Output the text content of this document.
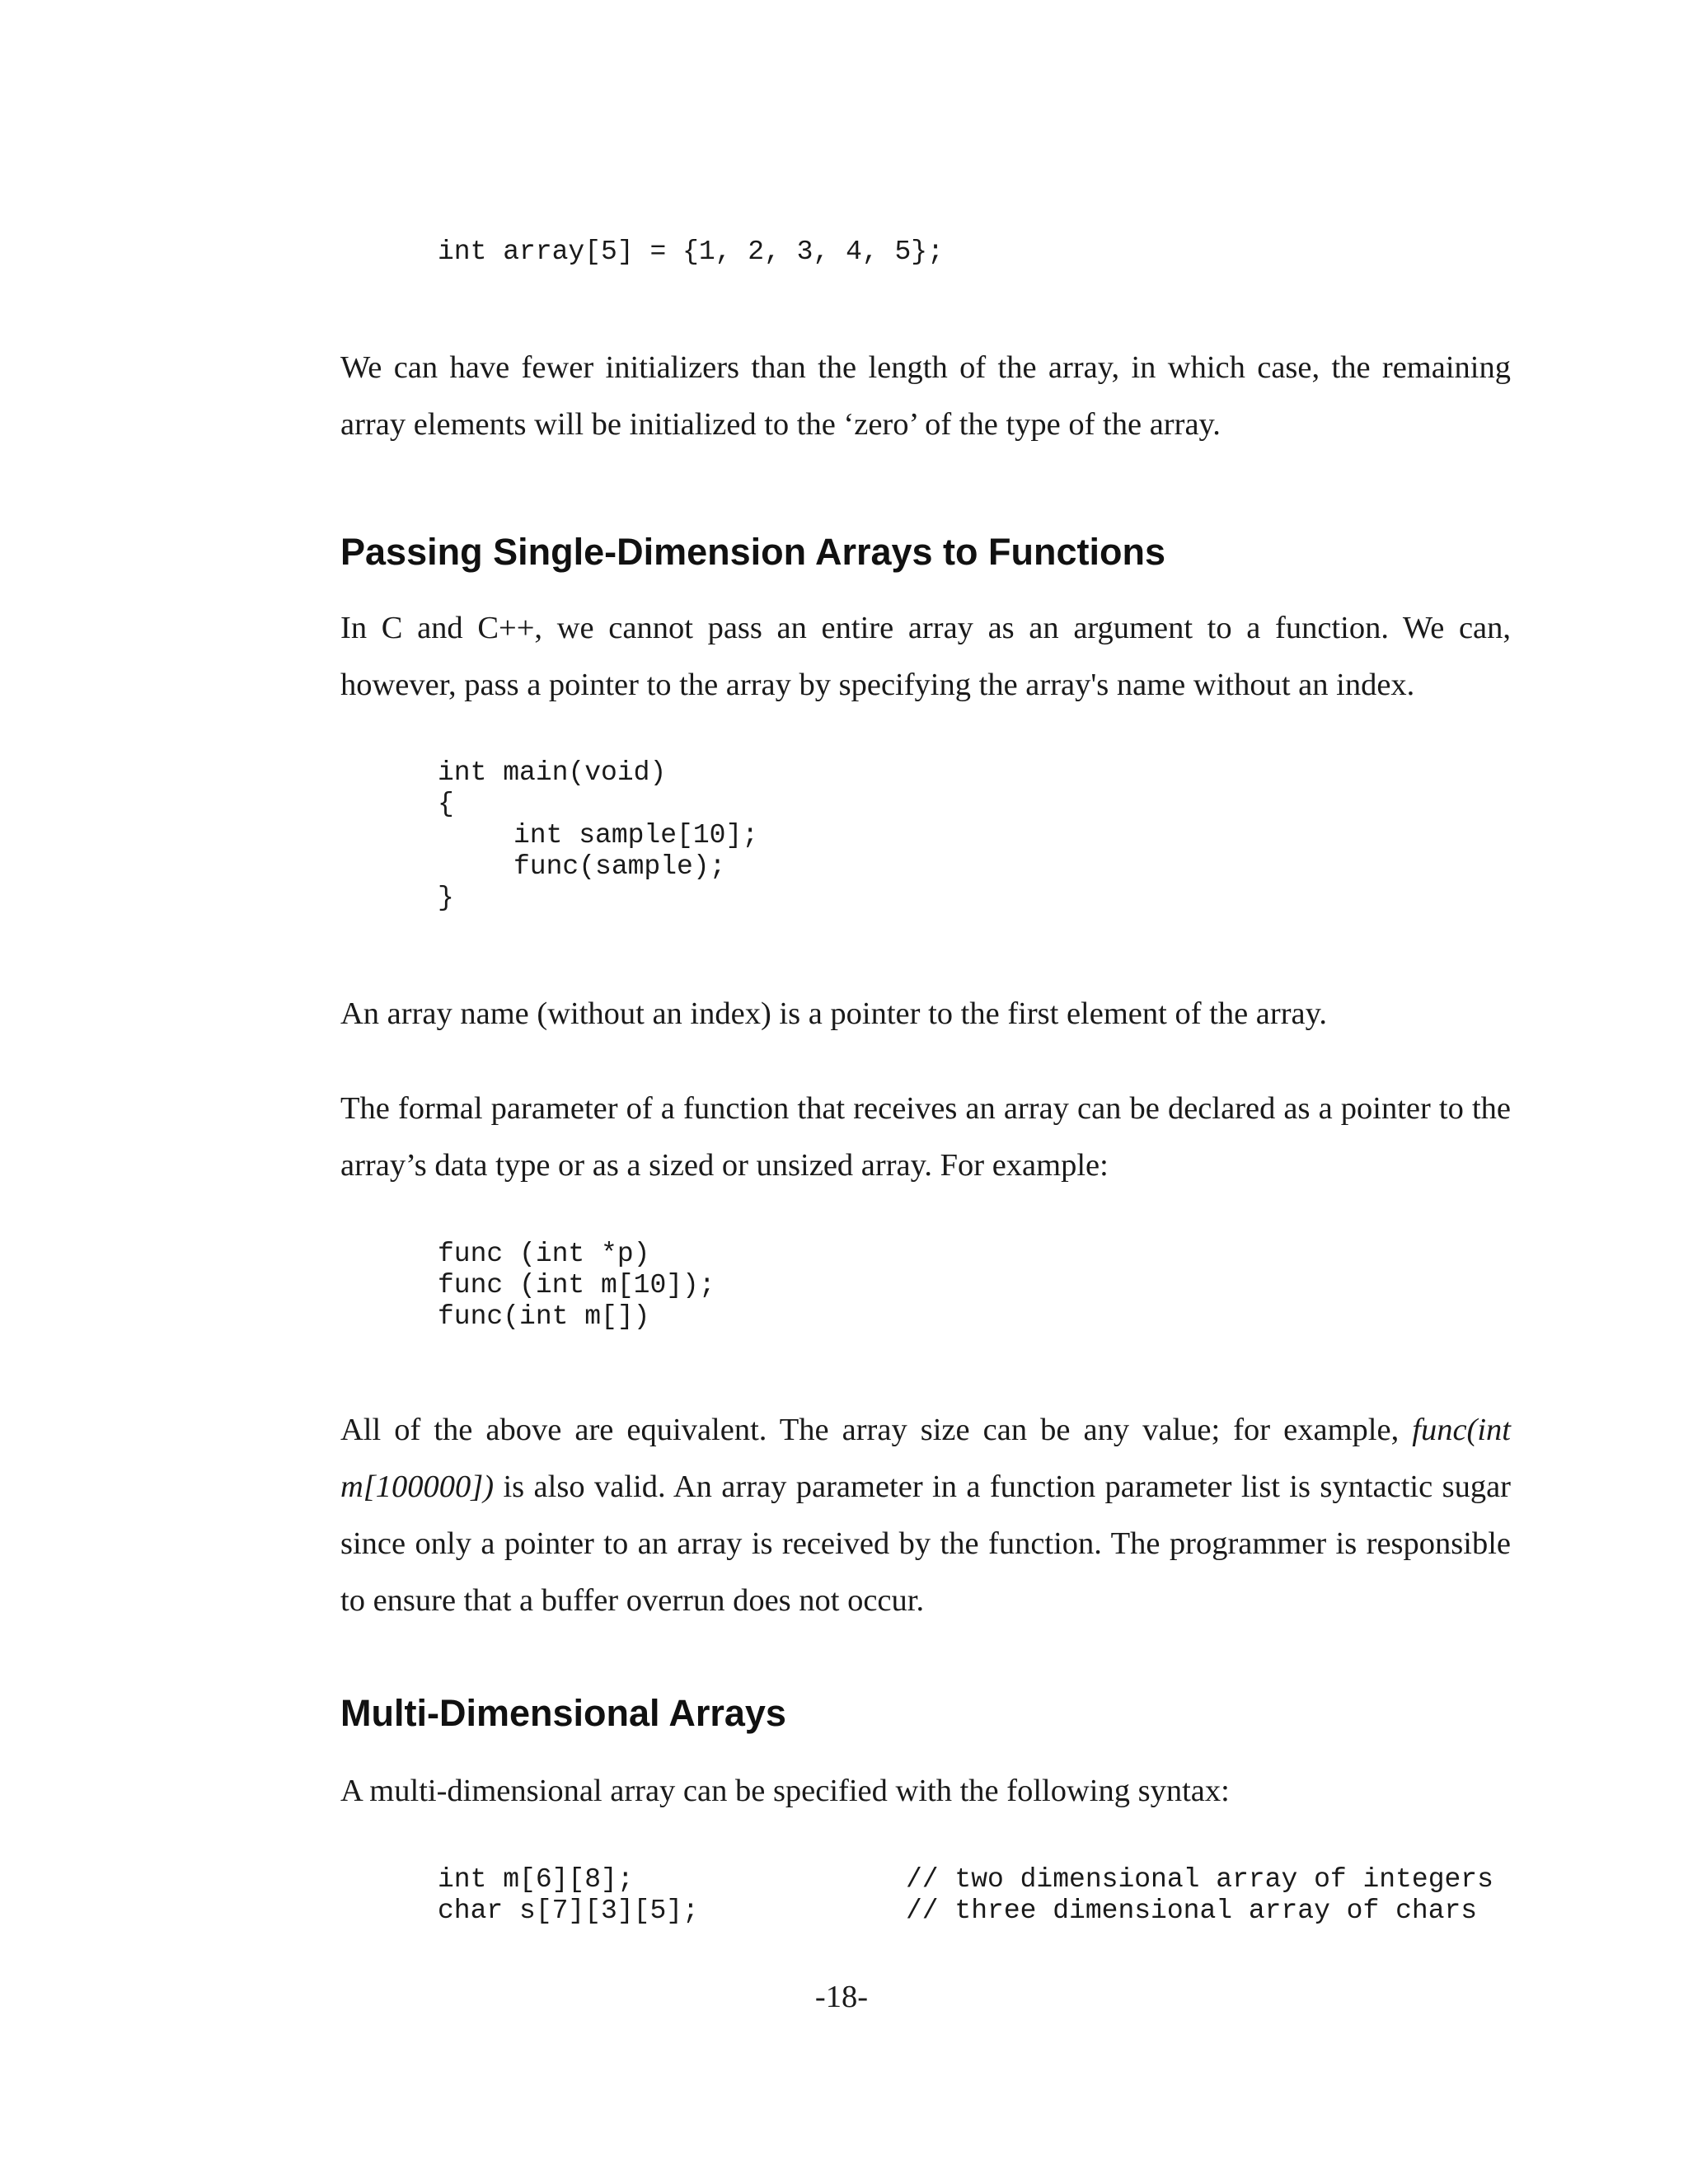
int array[5] = {1, 2, 3, 4, 5};

We can have fewer initializers than the length of the array, in which case, the remaining array elements will be initialized to the ‘zero’ of the type of the array.

Passing Single-Dimension Arrays to Functions

In C and C++, we cannot pass an entire array as an argument to a function. We can, however, pass a pointer to the array by specifying the array's name without an index.

int main(void)
{
int sample[10];
func(sample);
}

An array name (without an index) is a pointer to the first element of the array.

The formal parameter of a function that receives an array can be declared as a pointer to the array’s data type or as a sized or unsized array. For example:

func (int *p)
func (int m[10]);
func(int m[])

All of the above are equivalent. The array size can be any value; for example, func(int m[100000]) is also valid. An array parameter in a function parameter list is syntactic sugar since only a pointer to an array is received by the function. The programmer is responsible to ensure that a buffer overrun does not occur.

Multi-Dimensional Arrays

A multi-dimensional array can be specified with the following syntax:

int m[6][8];	// two dimensional array of integers
char s[7][3][5];	// three dimensional array of chars

-18-
